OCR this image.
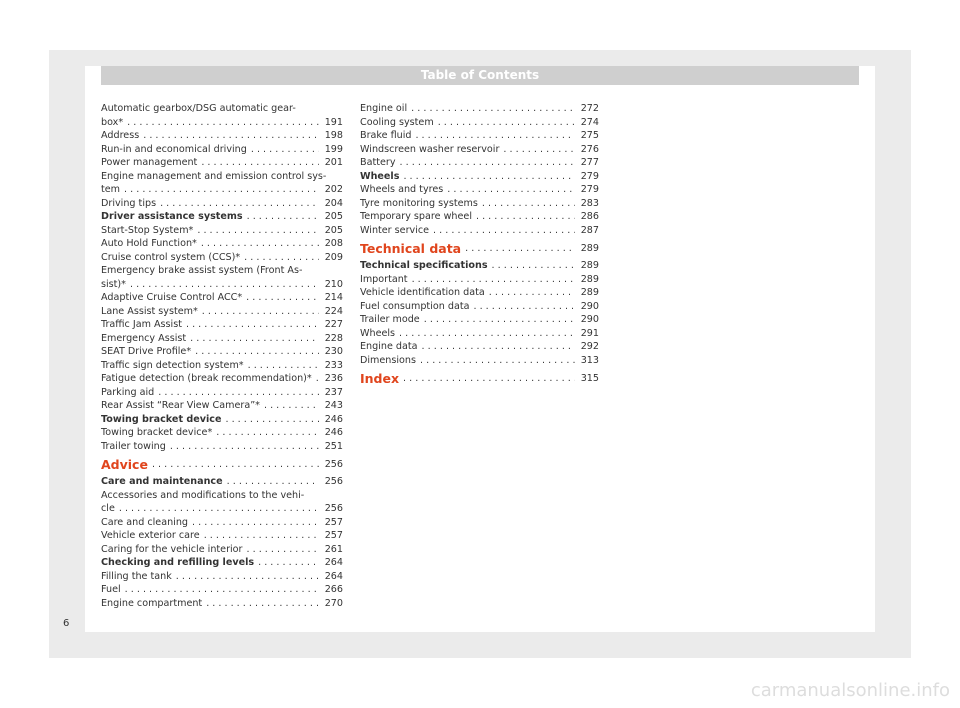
Table of Contents
Automatic gearbox/DSG automatic gear-
box* . . .	191
Address . . .	198
Run-in and economical driving . . .	199
Power management . . .	201
Engine management and emission control sys-
tem . . .	202
Driving tips . . .	204
Driver assistance systems . . .	205
Start-Stop System* . . .	205
Auto Hold Function* . . .	208
Cruise control system (CCS)* . . .	209
Emergency brake assist system (Front As-
sist)* . . .	210
Adaptive Cruise Control ACC* . . .	214
Lane Assist system* . . .	224
Traffic Jam Assist . . .	227
Emergency Assist . . .	228
SEAT Drive Profile* . . .	230
Traffic sign detection system* . . .	233
Fatigue detection (break recommendation)* . . . 236
Parking aid . . .	237
Rear Assist “Rear View Camera”* . . .	243
Towing bracket device . . .	246
Towing bracket device* . . .	246
Trailer towing . . .	251
Advice . . .	256
Care and maintenance . . .	256
Accessories and modifications to the vehi-
cle . . .	256
Care and cleaning . . .	257
Vehicle exterior care . . .	257
Caring for the vehicle interior . . .	261
Checking and refilling levels . . .	264
Filling the tank . . .	264
Fuel . . .	266
Engine compartment . . .	270
Engine oil . . .	272
Cooling system . . .	274
Brake fluid . . .	275
Windscreen washer reservoir . . .	276
Battery . . .	277
Wheels . . .	279
Wheels and tyres . . .	279
Tyre monitoring systems . . .	283
Temporary spare wheel . . .	286
Winter service . . .	287
Technical data . . .	289
Technical specifications . . .	289
Important . . .	289
Vehicle identification data . . .	289
Fuel consumption data . . .	290
Trailer mode . . .	290
Wheels . . .	291
Engine data . . .	292
Dimensions . . .	313
Index . . .	315
6
carmanualsonline.info
